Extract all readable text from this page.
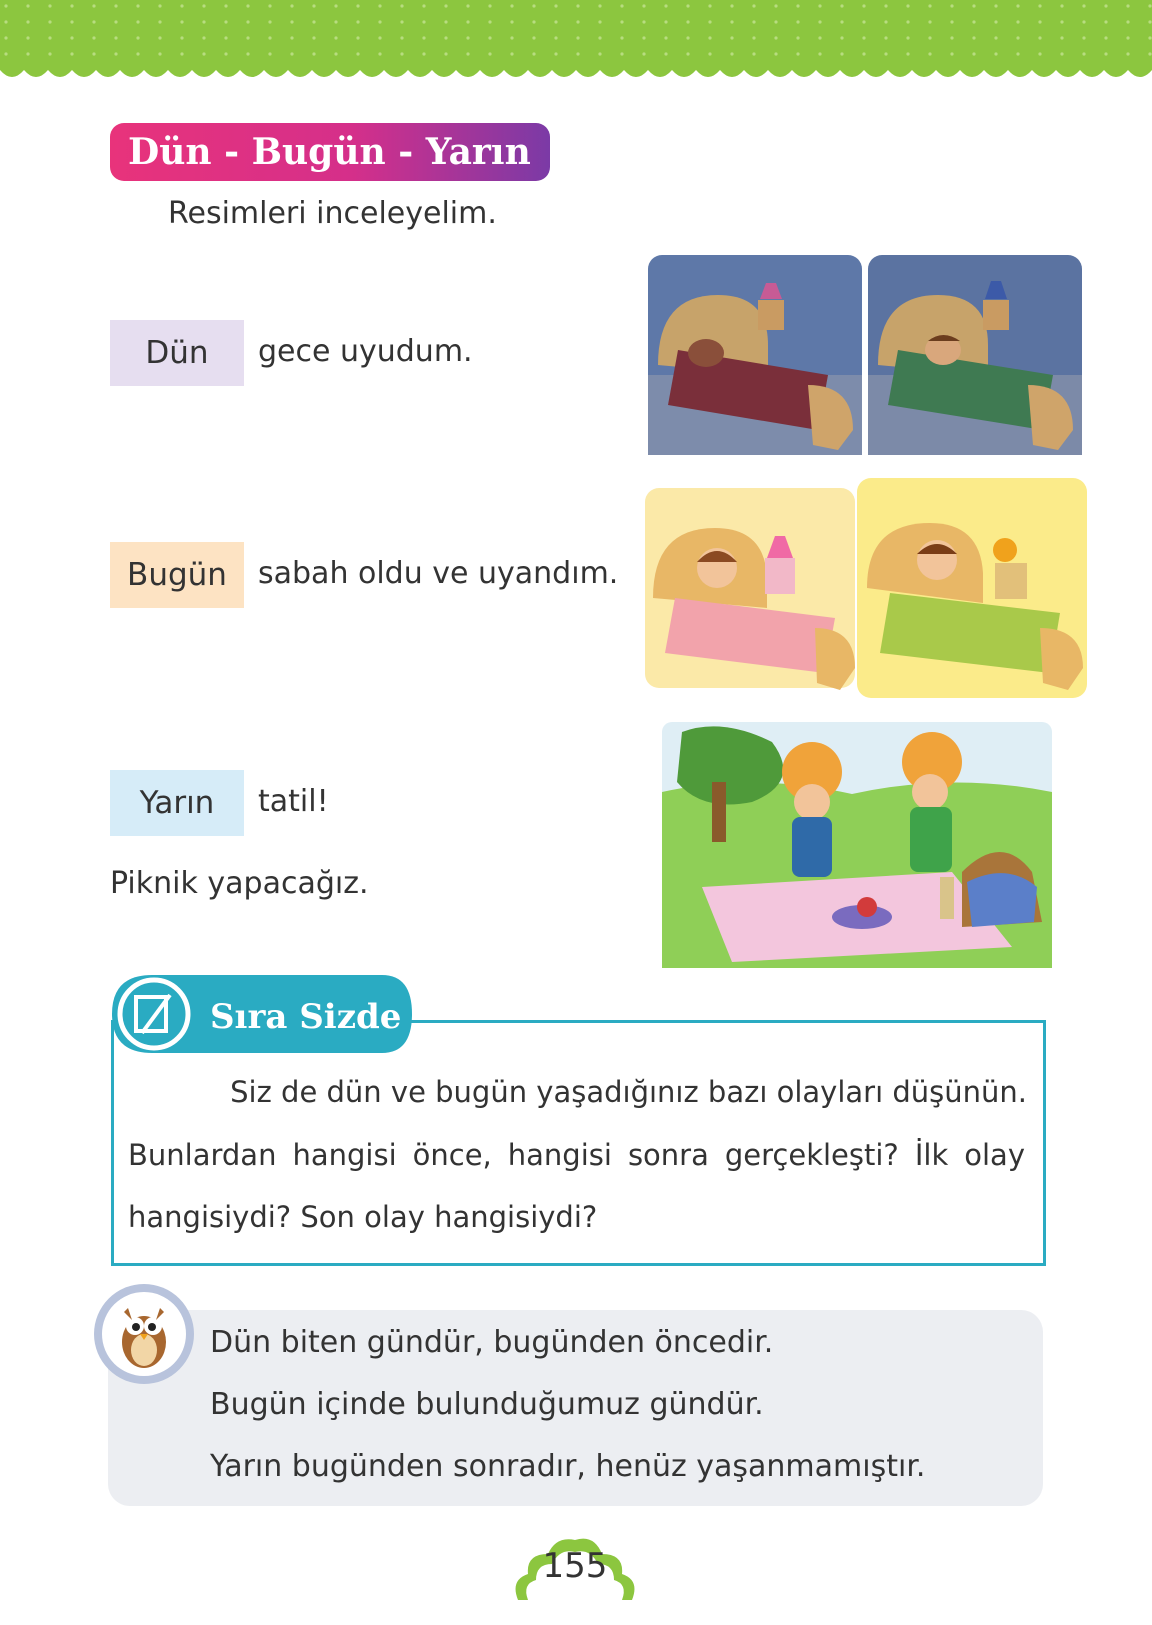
Dün - Bugün - Yarın
Resimleri inceleyelim.
Dün	gece uyudum.
Bugün	sabah oldu ve uyandım.
Yarın	tatil!
Piknik yapacağız.
Sıra Sizde
Siz de dün ve bugün yaşadığınız bazı olayları düşünün.
Bunlardan hangisi önce, hangisi sonra gerçekleşti? İlk olay
hangisiydi? Son olay hangisiydi?
Dün biten gündür, bugünden öncedir.
Bugün içinde bulunduğumuz gündür.
Yarın bugünden sonradır, henüz yaşanmamıştır.
155
